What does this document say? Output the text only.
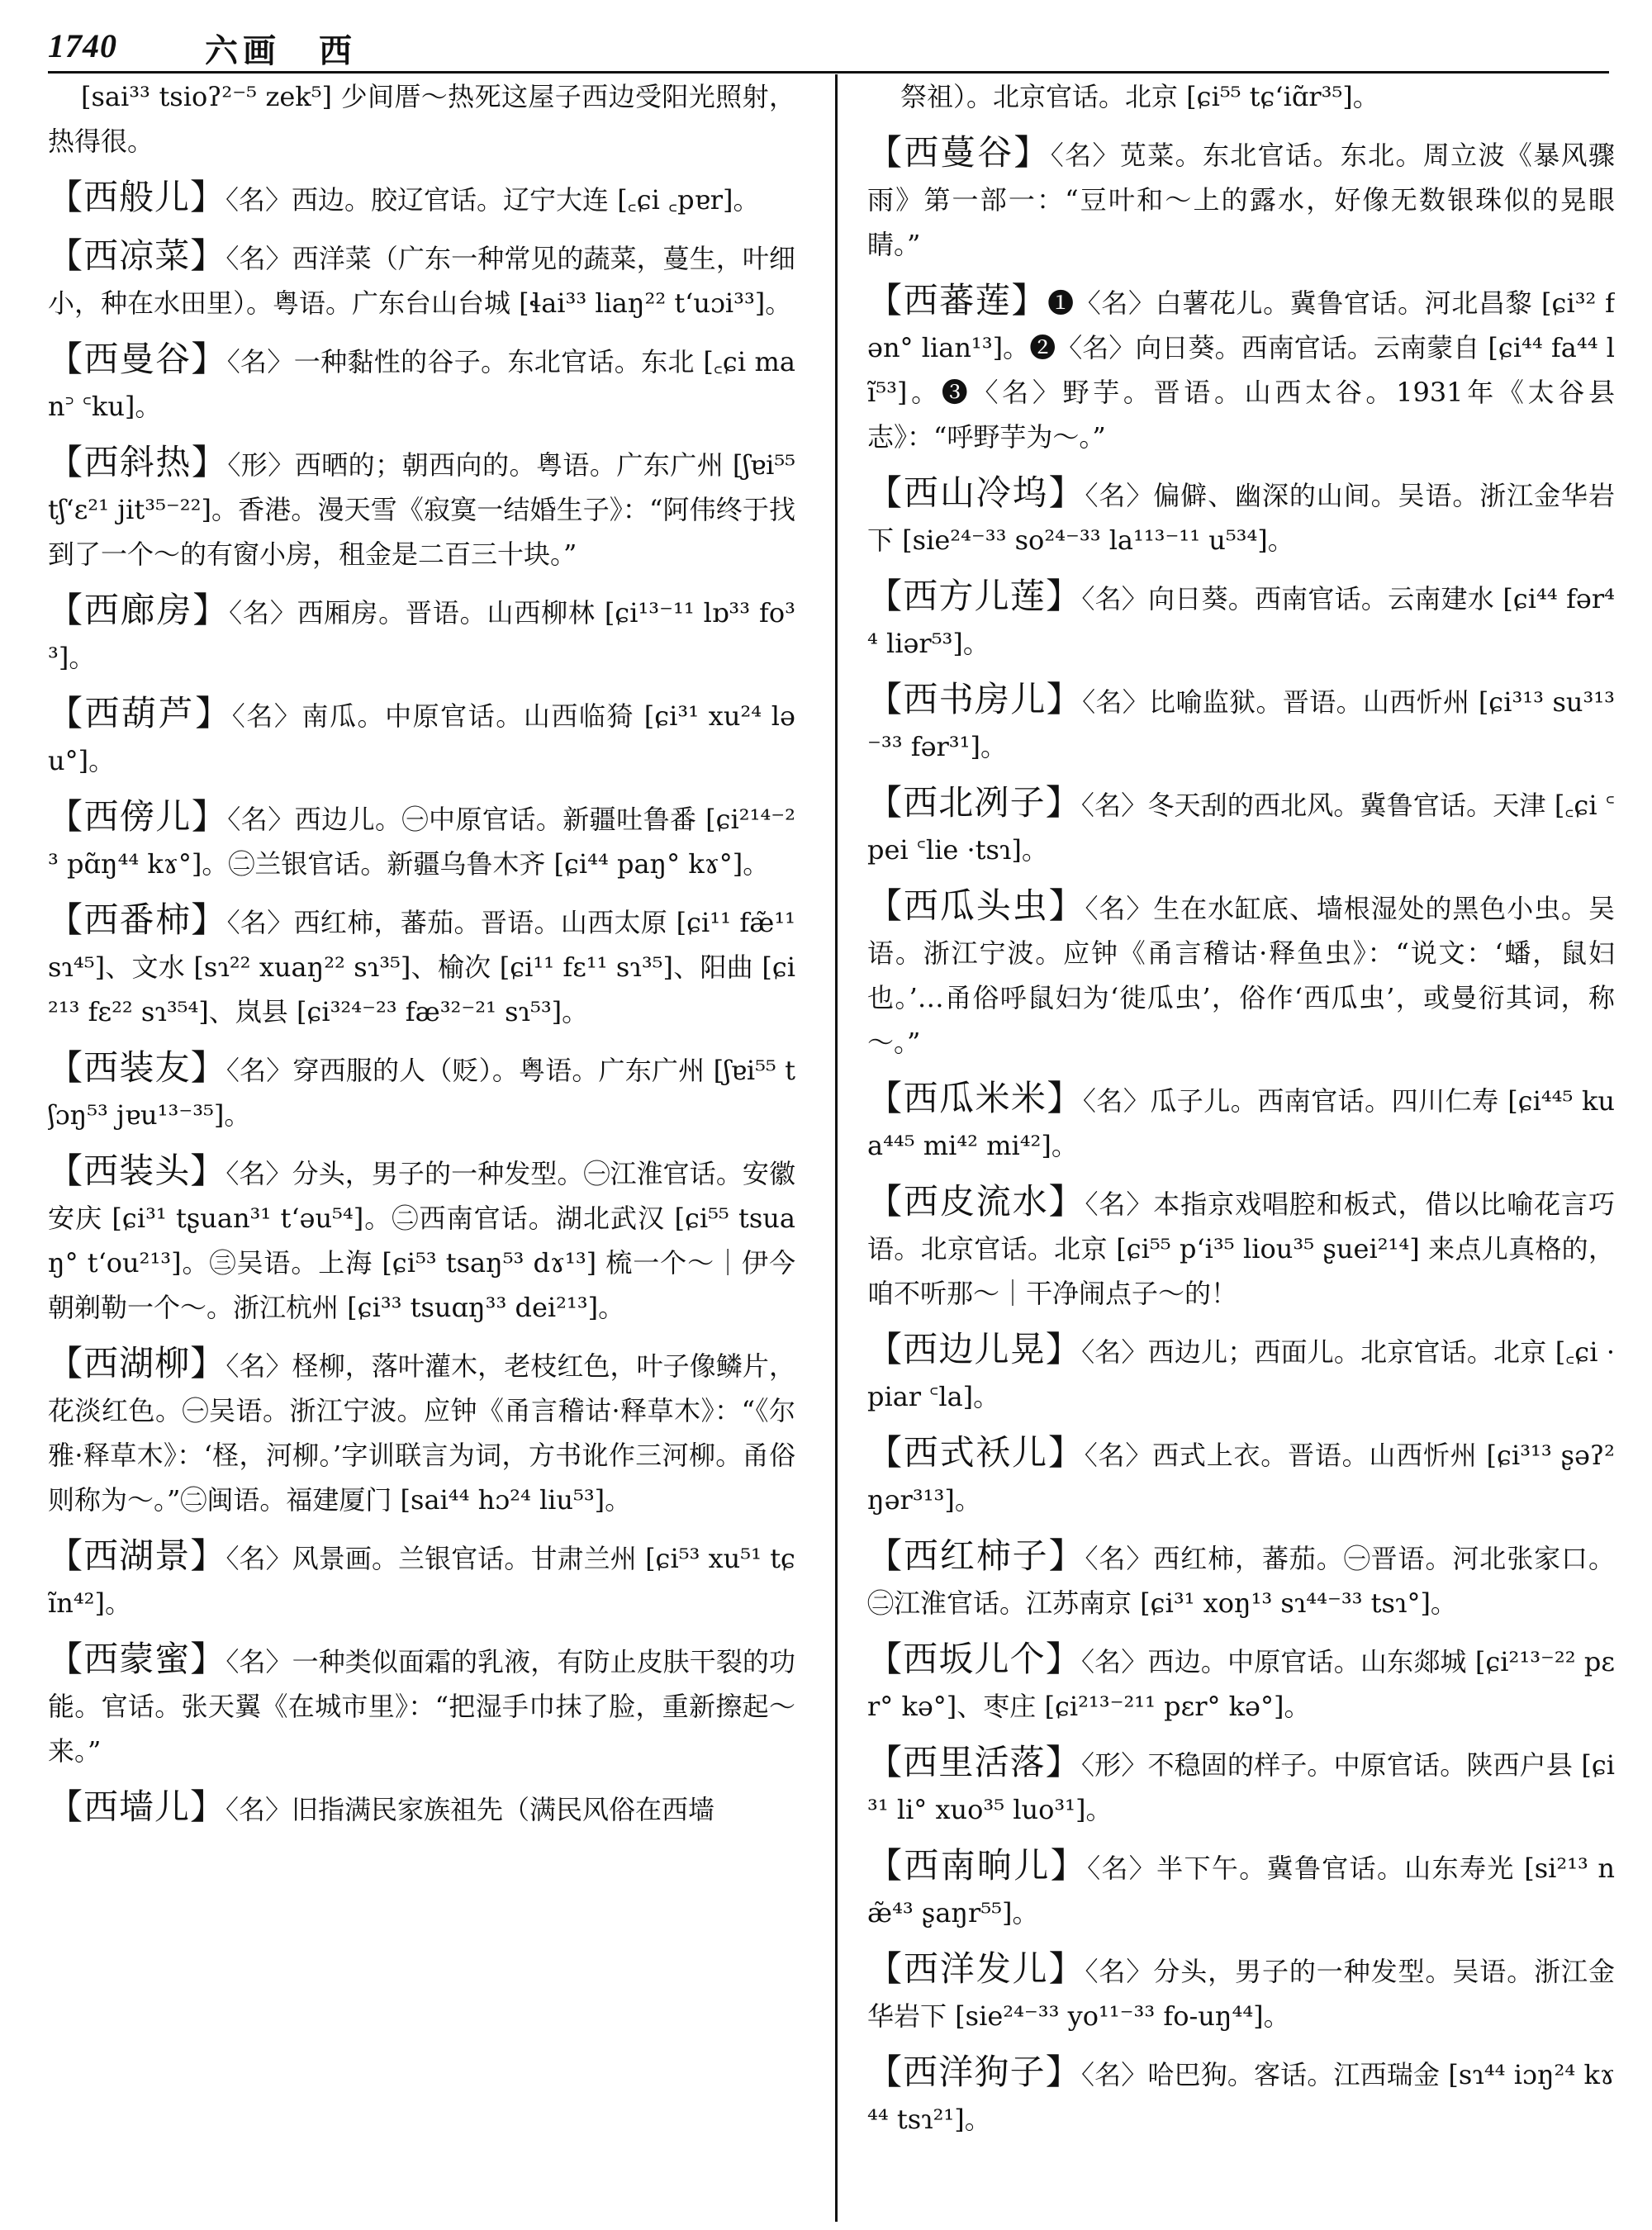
1740	六画　西

[sai³³ tsioʔ²⁻⁵ zek⁵] 少间厝～热死这屋子西边受阳光照射，热得很。

【西般儿】〈名〉西边。胶辽官话。辽宁大连 [꜀ɕi ꜀pɐr]。

【西凉菜】〈名〉西洋菜（广东一种常见的蔬菜，蔓生，叶细小，种在水田里）。粤语。广东台山台城 [ɬai³³ liaŋ²² tʻuɔi³³]。

【西曼谷】〈名〉一种黏性的谷子。东北官话。东北 [꜀ɕi man꜄ ꜂ku]。

【西斜热】〈形〉西晒的；朝西向的。粤语。广东广州 [ʃɐi⁵⁵ tʃʻɛ²¹ jit³⁵⁻²²]。香港。漫天雪《寂寞一结婚生子》：“阿伟终于找到了一个～的有窗小房，租金是二百三十块。”

【西廊房】〈名〉西厢房。晋语。山西柳林 [ɕi¹³⁻¹¹ lɒ³³ fo³³]。

【西葫芦】〈名〉南瓜。中原官话。山西临猗 [ɕi³¹ xu²⁴ ləu°]。

【西傍儿】〈名〉西边儿。㊀中原官话。新疆吐鲁番 [ɕi²¹⁴⁻²³ pɑ̃ŋ⁴⁴ kɤ°]。㊁兰银官话。新疆乌鲁木齐 [ɕi⁴⁴ paŋ° kɤ°]。

【西番柿】〈名〉西红柿，蕃茄。晋语。山西太原 [ɕi¹¹ fæ̃¹¹ sɿ⁴⁵]、文水 [sɿ²² xuaŋ²² sɿ³⁵]、榆次 [ɕi¹¹ fɛ¹¹ sɿ³⁵]、阳曲 [ɕi²¹³ fɛ²² sɿ³⁵⁴]、岚县 [ɕi³²⁴⁻²³ fæ³²⁻²¹ sɿ⁵³]。

【西装友】〈名〉穿西服的人（贬）。粤语。广东广州 [ʃɐi⁵⁵ tʃɔŋ⁵³ jɐu¹³⁻³⁵]。

【西装头】〈名〉分头，男子的一种发型。㊀江淮官话。安徽安庆 [ɕi³¹ tʂuan³¹ tʻəu⁵⁴]。㊁西南官话。湖北武汉 [ɕi⁵⁵ tsuaŋ° tʻou²¹³]。㊂吴语。上海 [ɕi⁵³ tsaŋ⁵³ dɤ¹³] 梳一个～｜伊今朝剃勒一个～。浙江杭州 [ɕi³³ tsuɑŋ³³ dei²¹³]。

【西湖柳】〈名〉柽柳，落叶灌木，老枝红色，叶子像鳞片，花淡红色。㊀吴语。浙江宁波。应钟《甬言稽诂·释草木》：“《尔雅·释草木》：‘柽，河柳。’字训联言为词，方书讹作三河柳。甬俗则称为～。”㊁闽语。福建厦门 [sai⁴⁴ hɔ²⁴ liu⁵³]。

【西湖景】〈名〉风景画。兰银官话。甘肃兰州 [ɕi⁵³ xu⁵¹ tɕĩn⁴²]。

【西蒙蜜】〈名〉一种类似面霜的乳液，有防止皮肤干裂的功能。官话。张天翼《在城市里》：“把湿手巾抹了脸，重新擦起～来。”

【西墙儿】〈名〉旧指满民家族祖先（满民风俗在西墙

祭祖）。北京官话。北京 [ɕi⁵⁵ tɕʻiɑ̃r³⁵]。

【西蔓谷】〈名〉苋菜。东北官话。东北。周立波《暴风骤雨》第一部一：“豆叶和～上的露水，好像无数银珠似的晃眼睛。”

【西蕃莲】❶〈名〉白薯花儿。冀鲁官话。河北昌黎 [ɕi³² fən° lian¹³]。❷〈名〉向日葵。西南官话。云南蒙自 [ɕi⁴⁴ fa⁴⁴ lĩ⁵³]。❸〈名〉野芋。晋语。山西太谷。1931年《太谷县志》：“呼野芋为～。”

【西山冷坞】〈名〉偏僻、幽深的山间。吴语。浙江金华岩下 [sie²⁴⁻³³ so²⁴⁻³³ la¹¹³⁻¹¹ u⁵³⁴]。

【西方儿莲】〈名〉向日葵。西南官话。云南建水 [ɕi⁴⁴ fər⁴⁴ liər⁵³]。

【西书房儿】〈名〉比喻监狱。晋语。山西忻州 [ɕi³¹³ su³¹³⁻³³ fər³¹]。

【西北冽子】〈名〉冬天刮的西北风。冀鲁官话。天津 [꜀ɕi ꜂pei ꜂lie ·tsɿ]。

【西瓜头虫】〈名〉生在水缸底、墙根湿处的黑色小虫。吴语。浙江宁波。应钟《甬言稽诂·释鱼虫》：“说文：‘蟠，鼠妇也。’…甬俗呼鼠妇为‘徙瓜虫’，俗作‘西瓜虫’，或曼衍其词，称～。”

【西瓜米米】〈名〉瓜子儿。西南官话。四川仁寿 [ɕi⁴⁴⁵ kua⁴⁴⁵ mi⁴² mi⁴²]。

【西皮流水】〈名〉本指京戏唱腔和板式，借以比喻花言巧语。北京官话。北京 [ɕi⁵⁵ pʻi³⁵ liou³⁵ ʂuei²¹⁴] 来点儿真格的，咱不听那～｜干净闹点子～的！

【西边儿晃】〈名〉西边儿；西面儿。北京官话。北京 [꜀ɕi ·piar ꜂la]。

【西式袄儿】〈名〉西式上衣。晋语。山西忻州 [ɕi³¹³ ʂəʔ² ŋər³¹³]。

【西红柿子】〈名〉西红柿，蕃茄。㊀晋语。河北张家口。㊁江淮官话。江苏南京 [ɕi³¹ xoŋ¹³ sɿ⁴⁴⁻³³ tsɿ°]。

【西坂儿个】〈名〉西边。中原官话。山东郯城 [ɕi²¹³⁻²² pɛr° kə°]、枣庄 [ɕi²¹³⁻²¹¹ pɛr° kə°]。

【西里活落】〈形〉不稳固的样子。中原官话。陕西户县 [ɕi³¹ li° xuo³⁵ luo³¹]。

【西南晌儿】〈名〉半下午。冀鲁官话。山东寿光 [si²¹³ næ̃⁴³ ʂaŋr⁵⁵]。

【西洋发儿】〈名〉分头，男子的一种发型。吴语。浙江金华岩下 [sie²⁴⁻³³ yo¹¹⁻³³ fo-uŋ⁴⁴]。

【西洋狗子】〈名〉哈巴狗。客话。江西瑞金 [sɿ⁴⁴ iɔŋ²⁴ kɤ⁴⁴ tsɿ²¹]。
